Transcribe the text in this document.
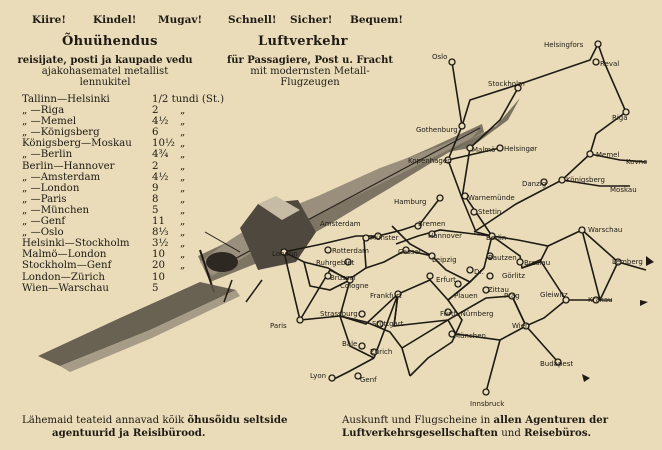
Kiire!	Kindel! Mugav! Schnell! Sicher! Bequem!
Õhuühendus	Luftverkehr
reisijate, posti ja kaupade vedu
ajakohasematel metallist
lennukitel
für Passagiere, Post u. Fracht
mit modernsten Metall-
Flugzeugen
Helsingfors
Reval
Oslo
Stockholm
Riga
Gothenburg
Malmö
Kopenhagen
Helsingør
Memel
Kovno
Danzig	Königsberg
Moskau
Hamburg	Warnemünde
Stettin
Amsterdam	Bremen
Hannover	Berlin
Warschau
London	Rotterdam
Münster
Ruhrgebiet
Cassel
Leipzig	Bautzen
Breslau	Lemberg
Brüssel
Cologne
Erfurt
Dr.	Görlitz
Zittau
Plauen
Frankfurt	Prag	Gleiwitz
Krakau
Strassburg
Stuttgart
Fürth-Nürnberg
Paris
München
Wien
Bâle
Zürich
Budapest
Lyon	Genf
Innsbruck
Tallinn—Helsinki	1/2 tundi (St.)
„ —Riga	2 „
„ —Memel	4½ „
„ —Königsberg	6 „
Königsberg—Moskau 10½ „
„ —Berlin	4¾ „
Berlin—Hannover	2 „
„ —Amsterdam	4½ „
„ —London	9 „
„ —Paris	8 „
„ —München	5 „
„ —Genf	11 „
„ —Oslo	8⅓ „
Helsinki—Stockholm 3½ „
Malmö—London	10 „
Stockholm—Genf	20 „
London—Zürich	10
Wien—Warschau	5
Lähemaid teateid annavad kõik õhusõidu seltside
agentuurid ja Reisibürood.
Auskunft und Flugscheine in allen Agenturen der
Luftverkehrsgesellschaften und Reisebüros.
